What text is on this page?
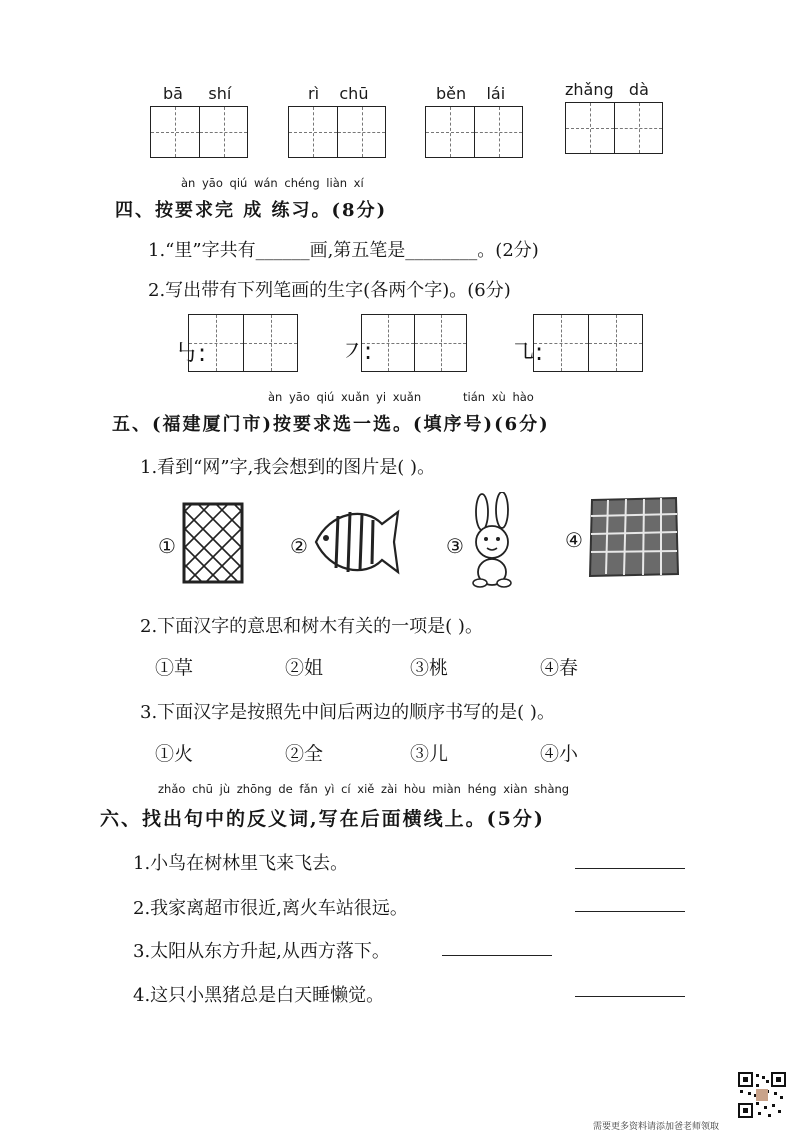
bā shí	rì chū	běn lái	zhǎng dà
àn yāo qiú wán chéng liàn xí
四、按要求完 成 练习。(8分)
1.“里”字共有______画,第五笔是________。(2分)
2.写出带有下列笔画的生字(各两个字)。(6分)
㇉:	㇇:	㇈:
àn yāo qiú xuǎn yi xuǎn	tián xù hào
五、(福建厦门市)按要求选一选。(填序号)(6分)
1.看到“网”字,我会想到的图片是( )。
①	②	③	④
2.下面汉字的意思和树木有关的一项是( )。
①草	②姐	③桃	④春
3.下面汉字是按照先中间后两边的顺序书写的是( )。
①火	②全	③儿	④小
zhǎo chū jù zhōng de fǎn yì cí xiě zài hòu miàn héng xiàn shàng
六、找出句中的反义词,写在后面横线上。(5分)
1.小鸟在树林里飞来飞去。
2.我家离超市很近,离火车站很远。
3.太阳从东方升起,从西方落下。
4.这只小黑猪总是白天睡懒觉。
需要更多资料请添加爸老师领取
